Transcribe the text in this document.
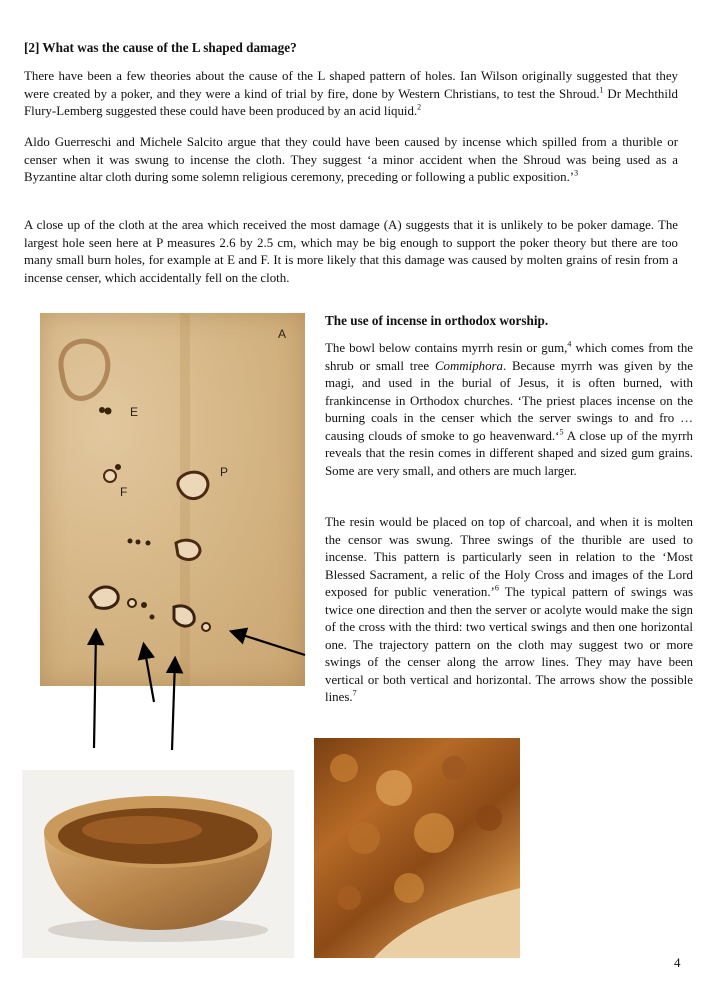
[2] What was the cause of the L shaped damage?

There have been a few theories about the cause of the L shaped pattern of holes. Ian Wilson originally suggested that they were created by a poker, and they were a kind of trial by fire, done by Western Christians, to test the Shroud.$^1$ Dr Mechthild Flury-Lemberg suggested these could have been produced by an acid liquid.$^2$

Aldo Guerreschi and Michele Salcito argue that they could have been caused by incense which spilled from a thurible or censer when it was swung to incense the cloth. They suggest ‘a minor accident when the Shroud was being used as a Byzantine altar cloth during some solemn religious ceremony, preceding or following a public exposition.’$^3$

A close up of the cloth at the area which received the most damage (A) suggests that it is unlikely to be poker damage. The largest hole seen here at P measures 2.6 by 2.5 cm, which may be big enough to support the poker theory but there are too many small burn holes, for example at E and F. It is more likely that this damage was caused by molten grains of resin from a incense censer, which accidentally fell on the cloth.

A
E
F
P
The use of incense in orthodox worship.

The bowl below contains myrrh resin or gum,$^4$ which comes from the shrub or small tree Commiphora. Because myrrh was given by the magi, and used in the burial of Jesus, it is often burned, with frankincense in Orthodox churches. ‘The priest places incense on the burning coals in the censer which the server swings to and fro … causing clouds of smoke to go heavenward.‘$^5$ A close up of the myrrh reveals that the resin comes in different shaped and sized gum grains. Some are very small, and others are much larger.

The resin would be placed on top of charcoal, and when it is molten the censor was swung. Three swings of the thurible are used to incense. This pattern is particularly seen in relation to the ‘Most Blessed Sacrament, a relic of the Holy Cross and images of the Lord exposed for public veneration.’$^6$ The typical pattern of swings was twice one direction and then the server or acolyte would make the sign of the cross with the third: two vertical swings and then one horizontal one. The trajectory pattern on the cloth may suggest two or more swings of the censer along the arrow lines. They may have been vertical or both vertical and horizontal. The arrows show the possible lines.$^7$

4
